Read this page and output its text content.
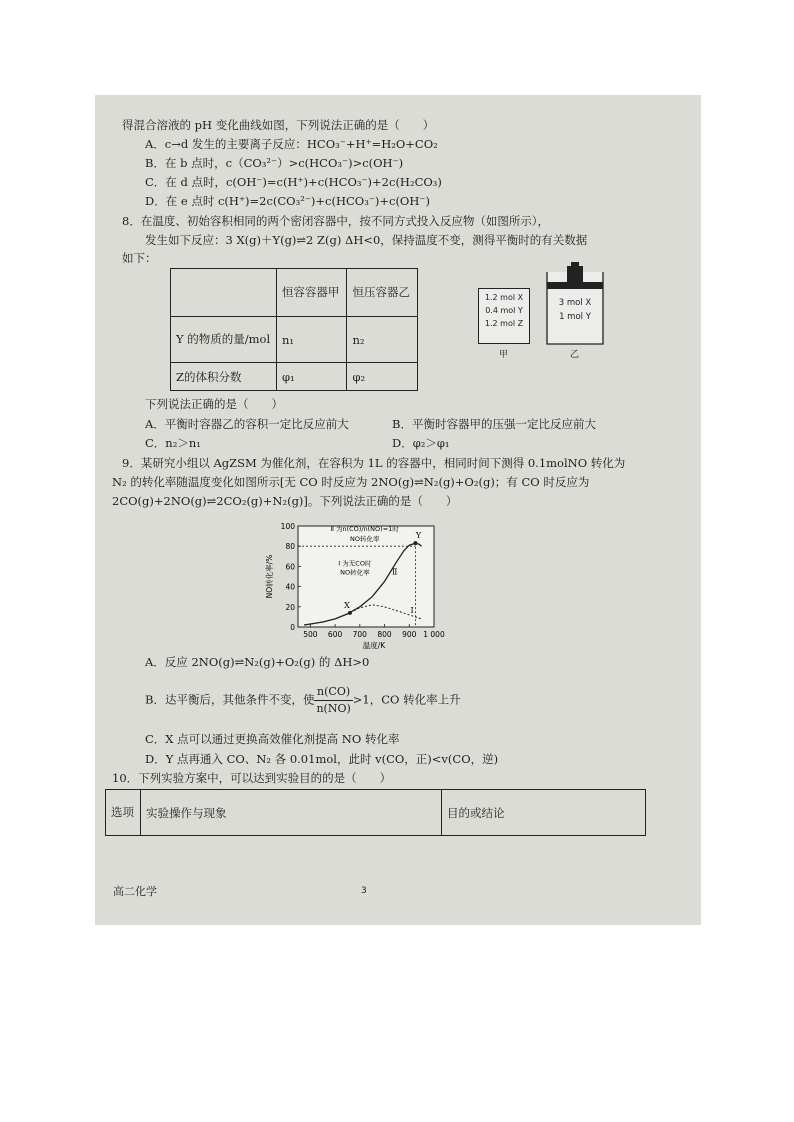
得混合溶液的 pH 变化曲线如图，下列说法正确的是（　　）
A．c→d 发生的主要离子反应：HCO₃⁻+H⁺=H₂O+CO₂
B．在 b 点时，c（CO₃²⁻）>c(HCO₃⁻)>c(OH⁻)
C．在 d 点时，c(OH⁻)=c(H⁺)+c(HCO₃⁻)+2c(H₂CO₃)
D．在 e 点时 c(H⁺)=2c(CO₃²⁻)+c(HCO₃⁻)+c(OH⁻)
8．在温度、初始容积相同的两个密闭容器中，按不同方式投入反应物（如图所示），
发生如下反应：3 X(g)＋Y(g)⇌2 Z(g) ΔH<0，保持温度不变，测得平衡时的有关数据
如下：
	恒容容器甲	恒压容器乙
Y 的物质的量/mol	n₁	n₂
Z的体积分数	φ₁	φ₂
1.2 mol X
0.4 mol Y
1.2 mol Z
甲
3 mol X
1 mol Y
乙
下列说法正确的是（　　）
A．平衡时容器乙的容积一定比反应前大	B．平衡时容器甲的压强一定比反应前大
C．n₂＞n₁	D．φ₂＞φ₁
9．某研究小组以 AgZSM 为催化剂，在容积为 1L 的容器中，相同时间下测得 0.1molNO 转化为
N₂ 的转化率随温度变化如图所示[无 CO 时反应为 2NO(g)⇌N₂(g)+O₂(g)；有 CO 时反应为
2CO(g)+2NO(g)⇌2CO₂(g)+N₂(g)]。下列说法正确的是（　　）
0
20
40
60
80
100
500 600 700 800 900 1 000
温度/K
NO转化率/%	Ⅱ
Ⅰ
X
Y
Ⅱ 为n(CO)/n(NO)=1时
NO转化率
Ⅰ 为无CO时
NO转化率
A．反应 2NO(g)⇌N₂(g)+O₂(g) 的 ΔH>0
B．达平衡后，其他条件不变，使 $\frac{n(CO)}{n(NO)} >1$，CO 转化率上升
C．X 点可以通过更换高效催化剂提高 NO 转化率
D．Y 点再通入 CO、N₂ 各 0.01mol，此时 v(CO，正)<v(CO，逆)
10．下列实验方案中，可以达到实验目的的是（　　）
选项	实验操作与现象	目的或结论
高二化学	3
